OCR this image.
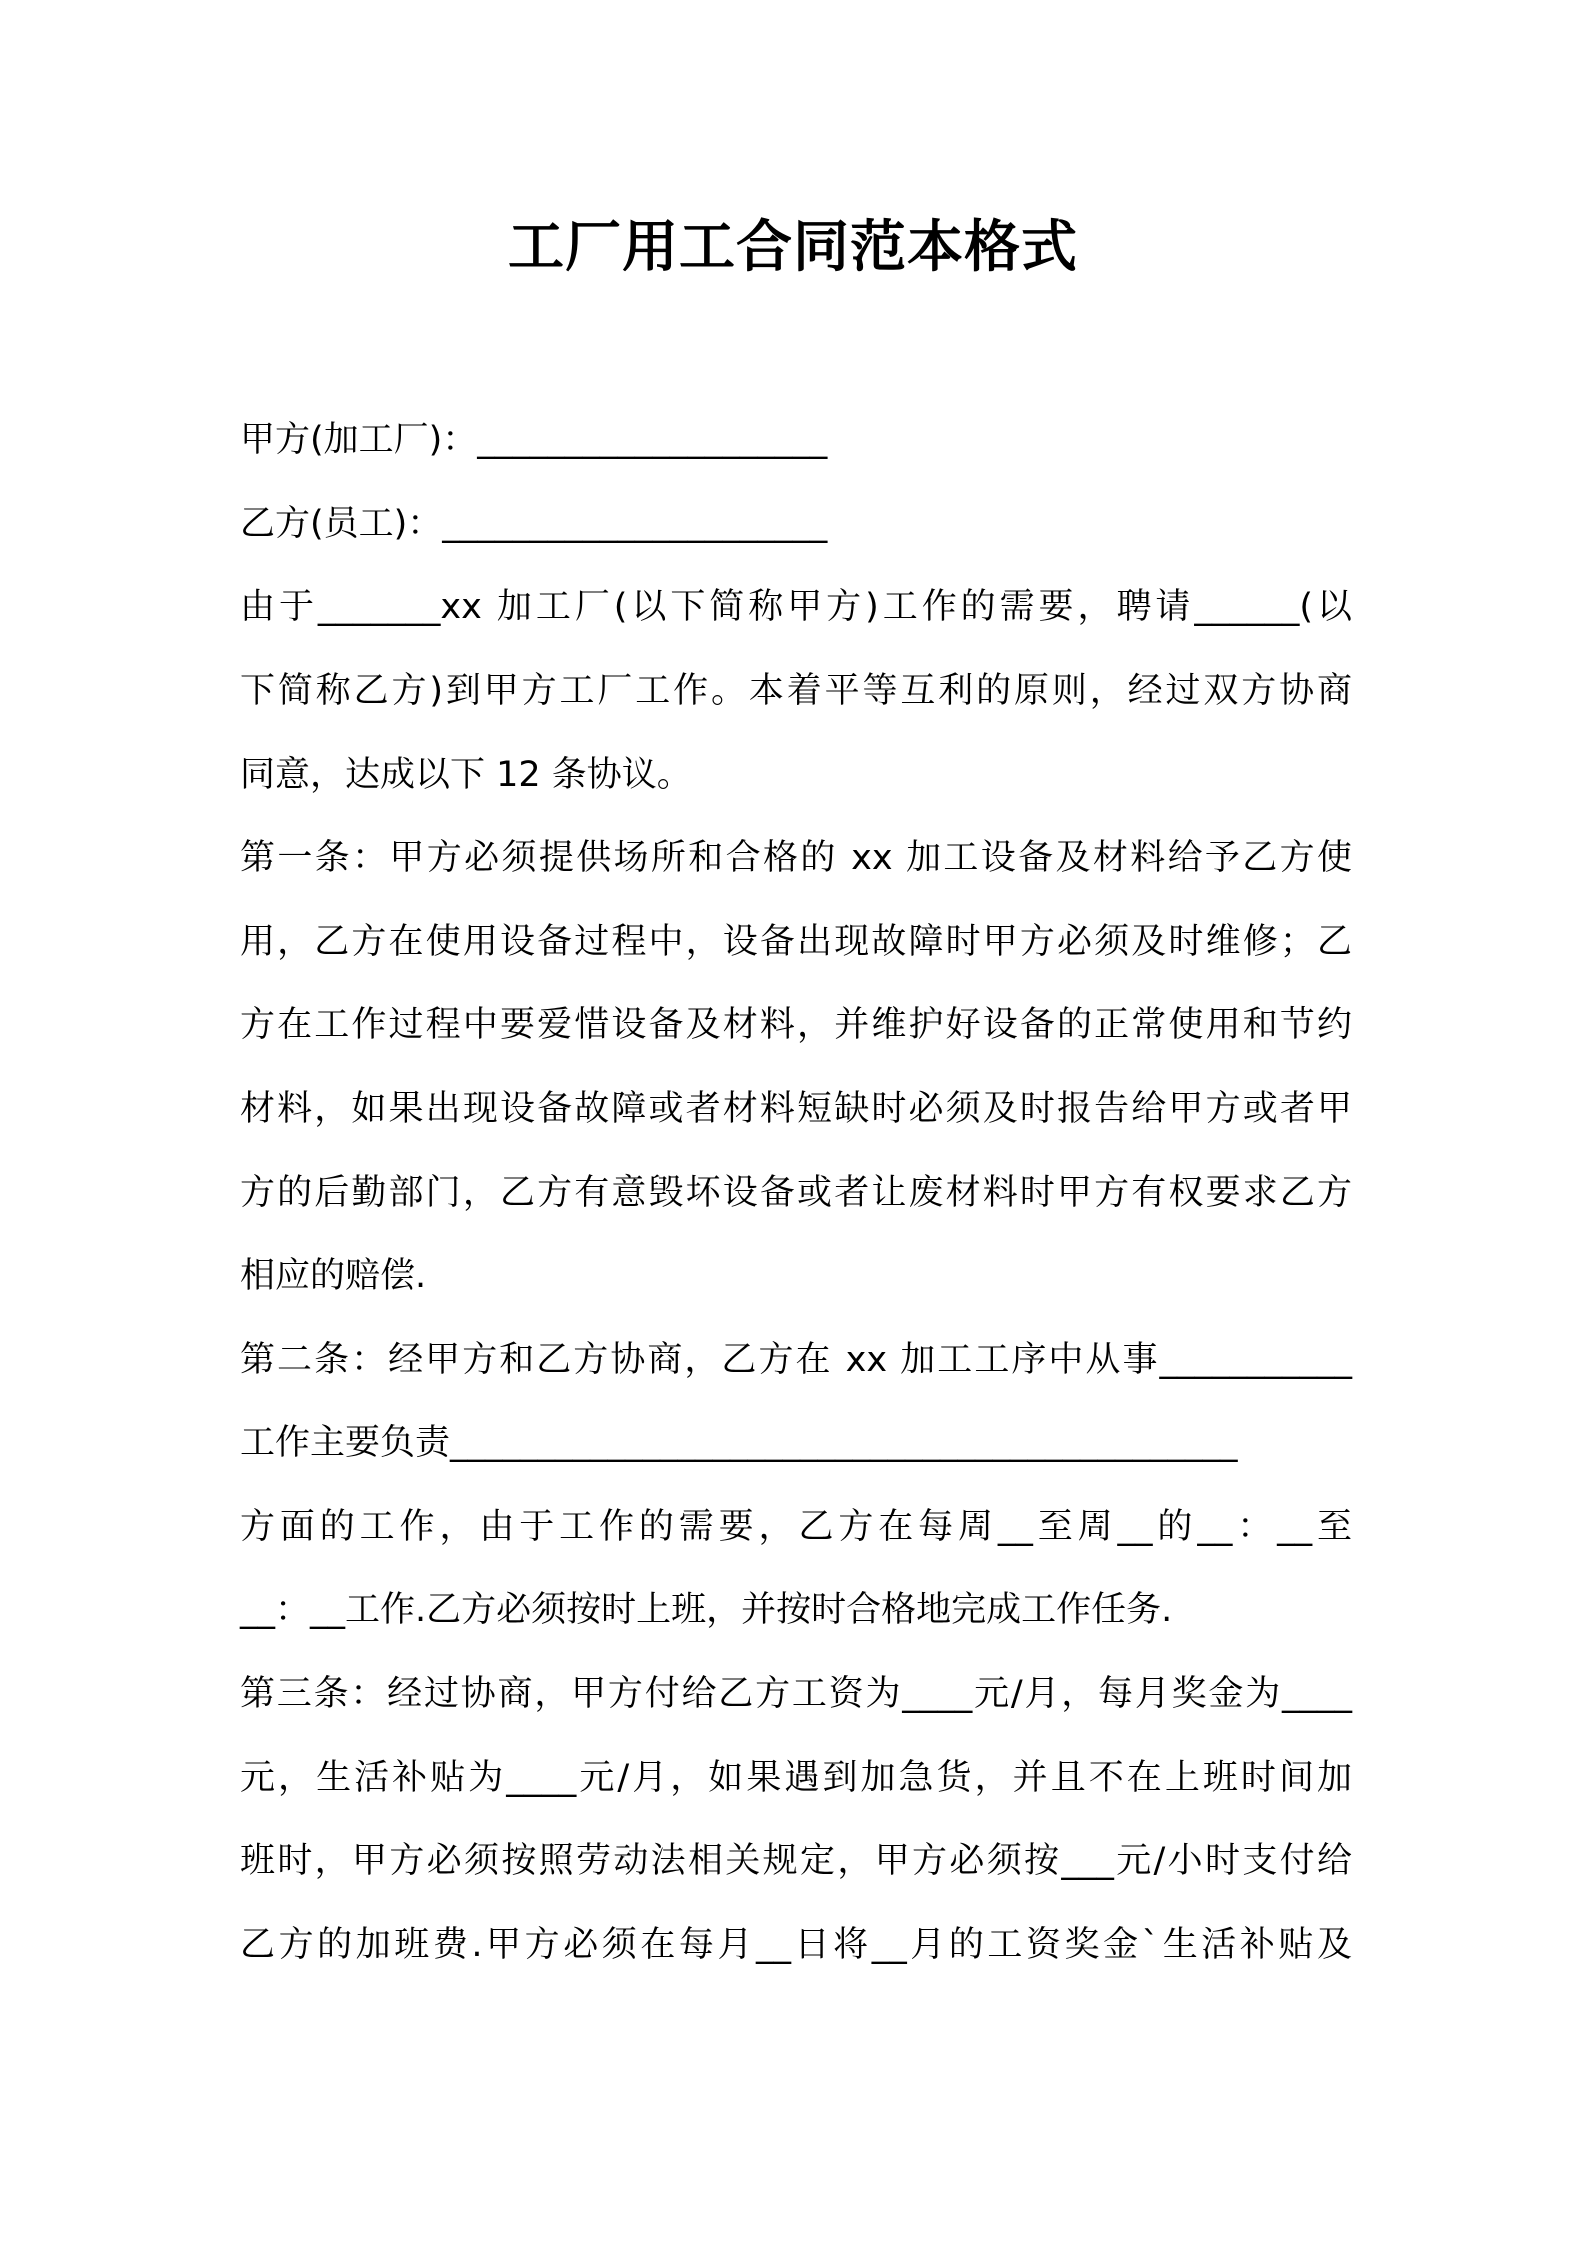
工厂用工合同范本格式
甲方(加工厂)：____________________
乙方(员工)：______________________
由于_______xx 加工厂(以下简称甲方)工作的需要，聘请______(以
下简称乙方)到甲方工厂工作。本着平等互利的原则，经过双方协商
同意，达成以下 12 条协议。
第一条：甲方必须提供场所和合格的 xx 加工设备及材料给予乙方使
用，乙方在使用设备过程中，设备出现故障时甲方必须及时维修；乙
方在工作过程中要爱惜设备及材料，并维护好设备的正常使用和节约
材料，如果出现设备故障或者材料短缺时必须及时报告给甲方或者甲
方的后勤部门，乙方有意毁坏设备或者让废材料时甲方有权要求乙方
相应的赔偿.
第二条：经甲方和乙方协商，乙方在 xx 加工工序中从事___________
工作主要负责_____________________________________________
方面的工作，由于工作的需要，乙方在每周__至周__的__：__至
__：__工作.乙方必须按时上班，并按时合格地完成工作任务.
第三条：经过协商，甲方付给乙方工资为____元/月，每月奖金为____
元，生活补贴为____元/月，如果遇到加急货，并且不在上班时间加
班时，甲方必须按照劳动法相关规定，甲方必须按___元/小时支付给
乙方的加班费.甲方必须在每月__日将__月的工资奖金`生活补贴及
